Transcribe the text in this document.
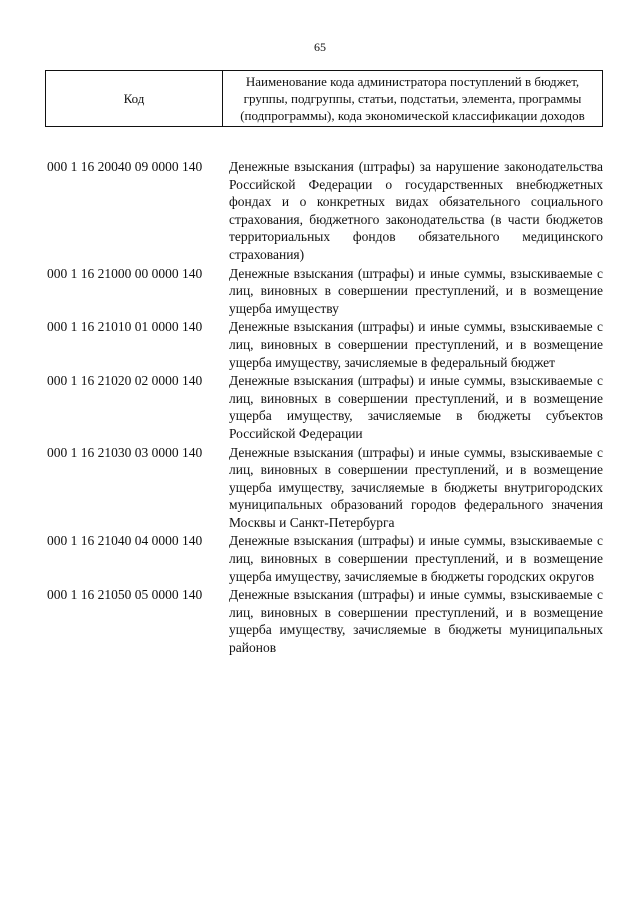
65
Код	Наименование кода администратора поступлений в бюджет, группы, подгруппы, статьи, подстатьи, элемента, программы (подпрограммы), кода экономической классификации доходов
000 1 16 20040 09 0000 140	Денежные взыскания (штрафы) за нарушение законодательства Российской Федерации о государственных внебюджетных фондах и о конкретных видах обязательного социального страхования, бюджетного законодательства (в части бюджетов территориальных фондов обязательного медицинского страхования)
000 1 16 21000 00 0000 140	Денежные взыскания (штрафы) и иные суммы, взыскиваемые с лиц, виновных в совершении преступлений, и в возмещение ущерба имуществу
000 1 16 21010 01 0000 140	Денежные взыскания (штрафы) и иные суммы, взыскиваемые с лиц, виновных в совершении преступлений, и в возмещение ущерба имуществу, зачисляемые в федеральный бюджет
000 1 16 21020 02 0000 140	Денежные взыскания (штрафы) и иные суммы, взыскиваемые с лиц, виновных в совершении преступлений, и в возмещение ущерба имуществу, зачисляемые в бюджеты субъектов Российской Федерации
000 1 16 21030 03 0000 140	Денежные взыскания (штрафы) и иные суммы, взыскиваемые с лиц, виновных в совершении преступлений, и в возмещение ущерба имуществу, зачисляемые в бюджеты внутригородских муниципальных образований городов федерального значения Москвы и Санкт-Петербурга
000 1 16 21040 04 0000 140	Денежные взыскания (штрафы) и иные суммы, взыскиваемые с лиц, виновных в совершении преступлений, и в возмещение ущерба имуществу, зачисляемые в бюджеты городских округов
000 1 16 21050 05 0000 140	Денежные взыскания (штрафы) и иные суммы, взыскиваемые с лиц, виновных в совершении преступлений, и в возмещение ущерба имуществу, зачисляемые в бюджеты муниципальных районов
